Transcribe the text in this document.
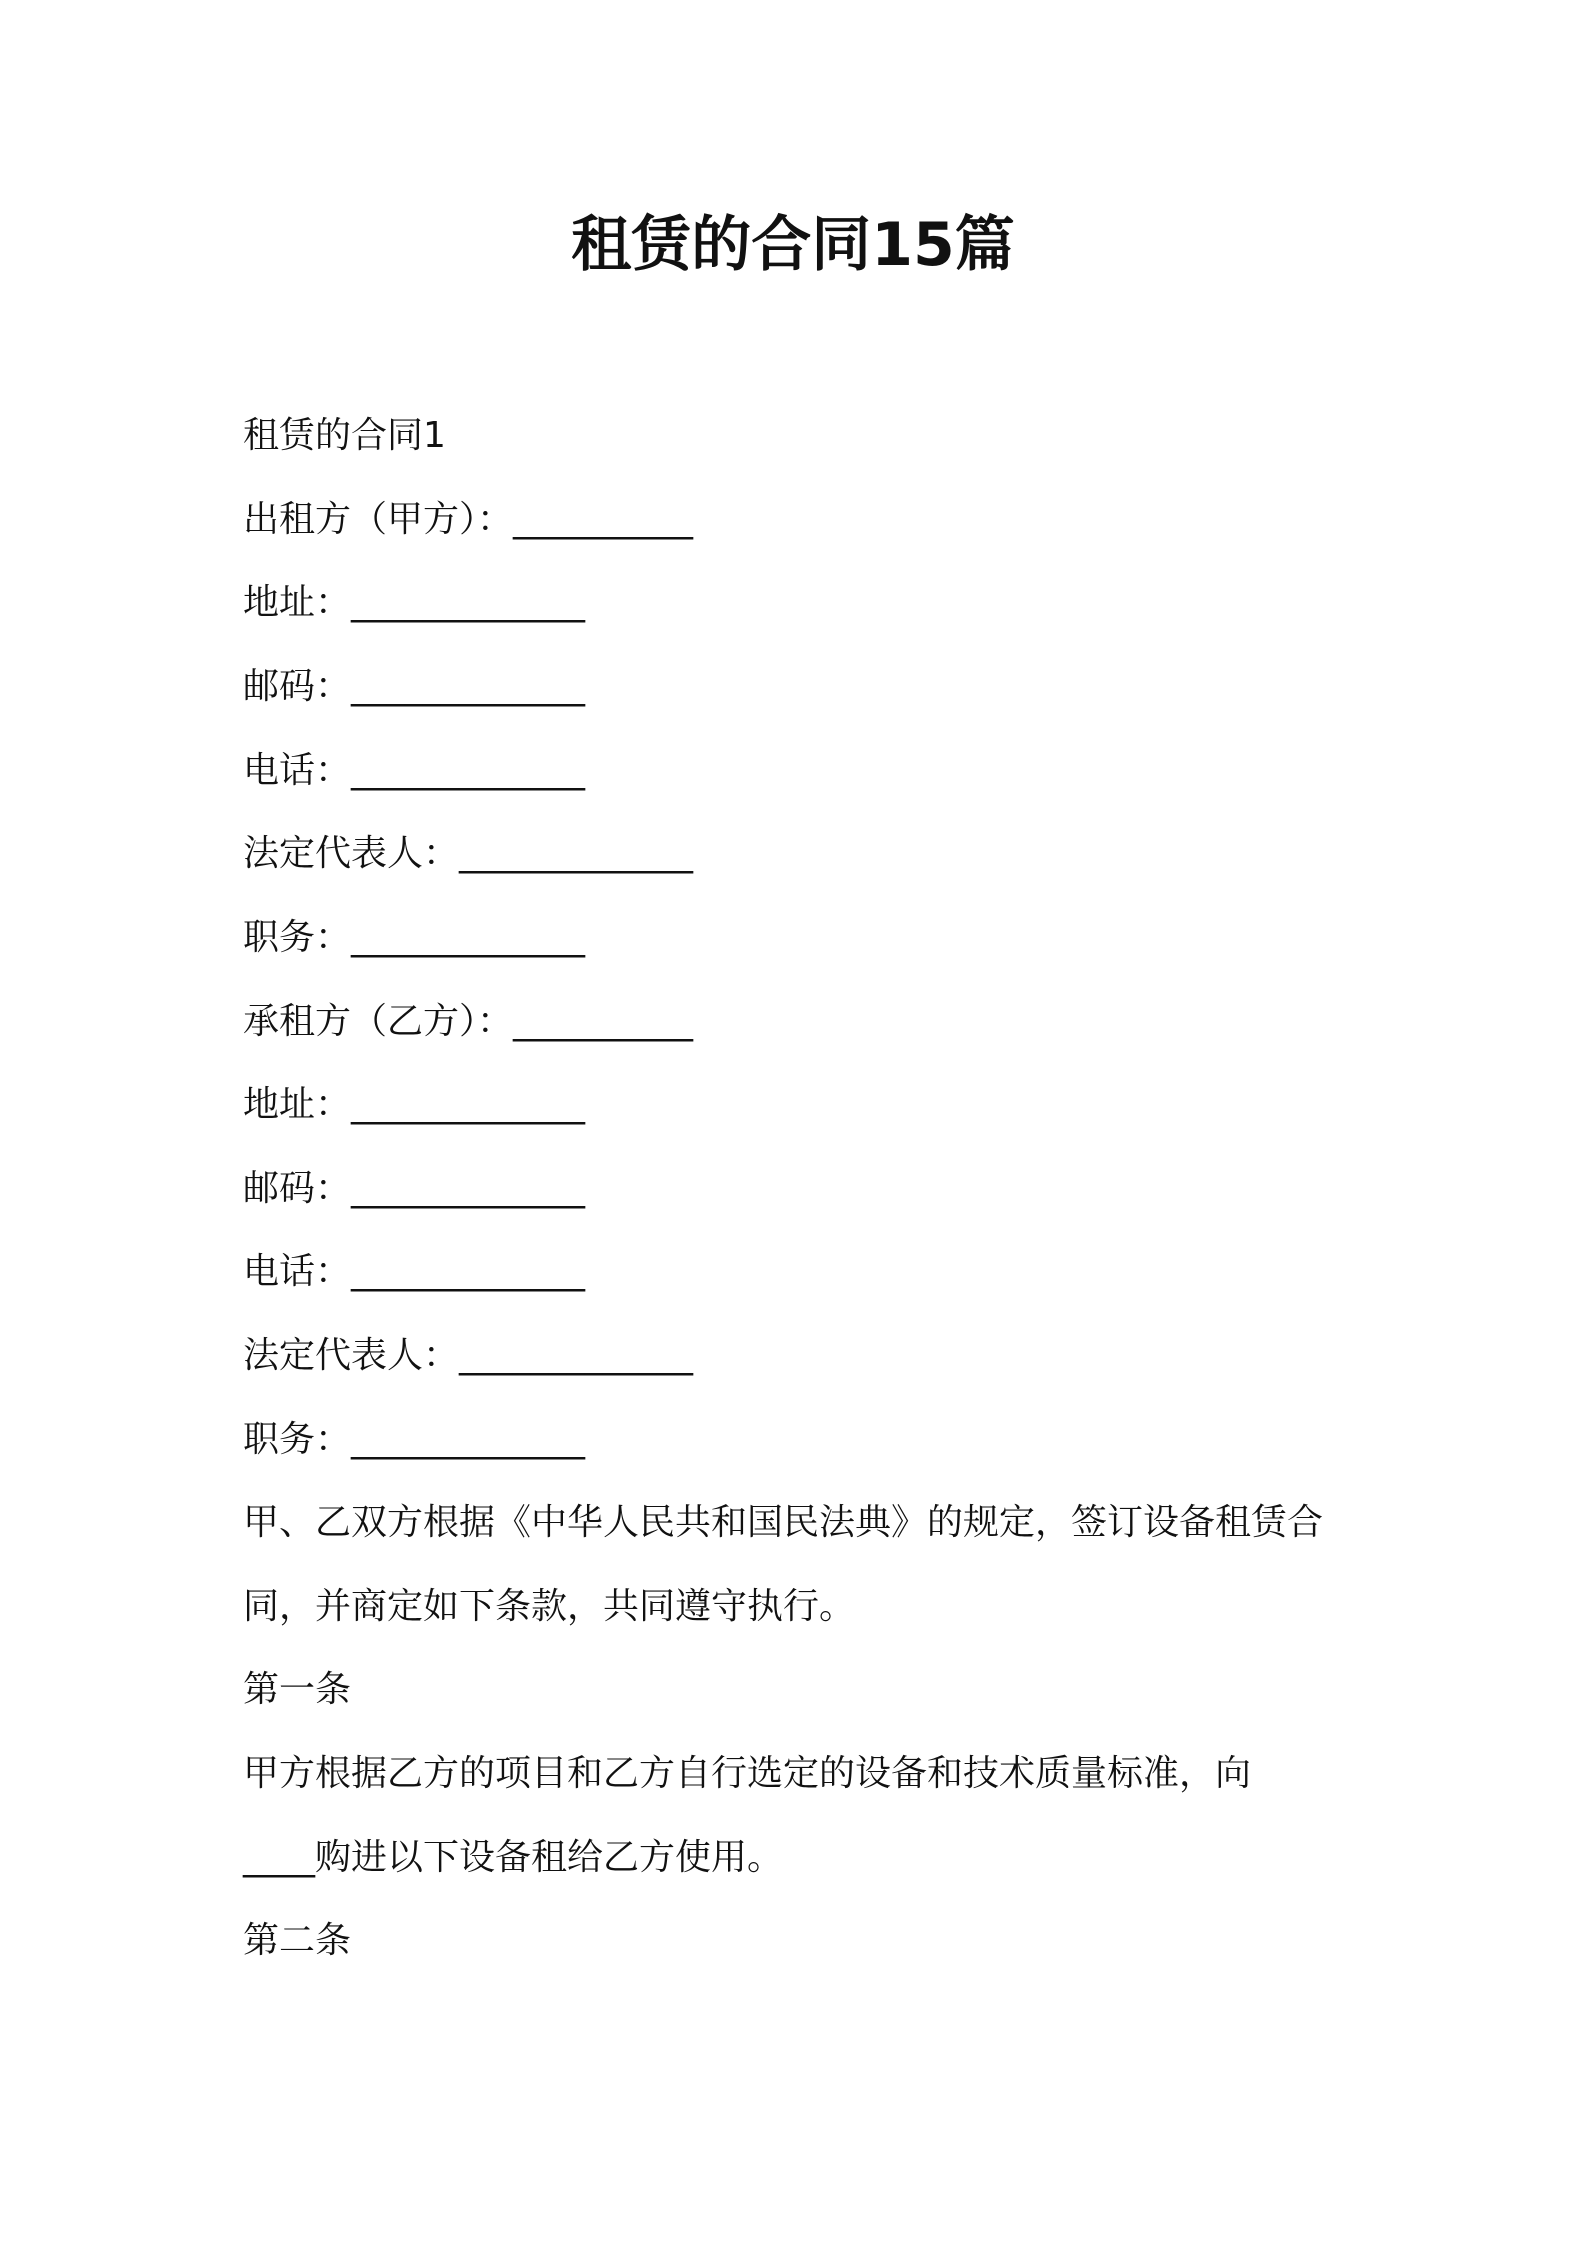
租赁的合同15篇
租赁的合同1
出租方（甲方）：__________
地址：_____________
邮码：_____________
电话：_____________
法定代表人：_____________
职务：_____________
承租方（乙方）：__________
地址：_____________
邮码：_____________
电话：_____________
法定代表人：_____________
职务：_____________
甲、乙双方根据《中华人民共和国民法典》的规定，签订设备租赁合
同，并商定如下条款，共同遵守执行。
第一条
甲方根据乙方的项目和乙方自行选定的设备和技术质量标准，向
____购进以下设备租给乙方使用。
第二条
